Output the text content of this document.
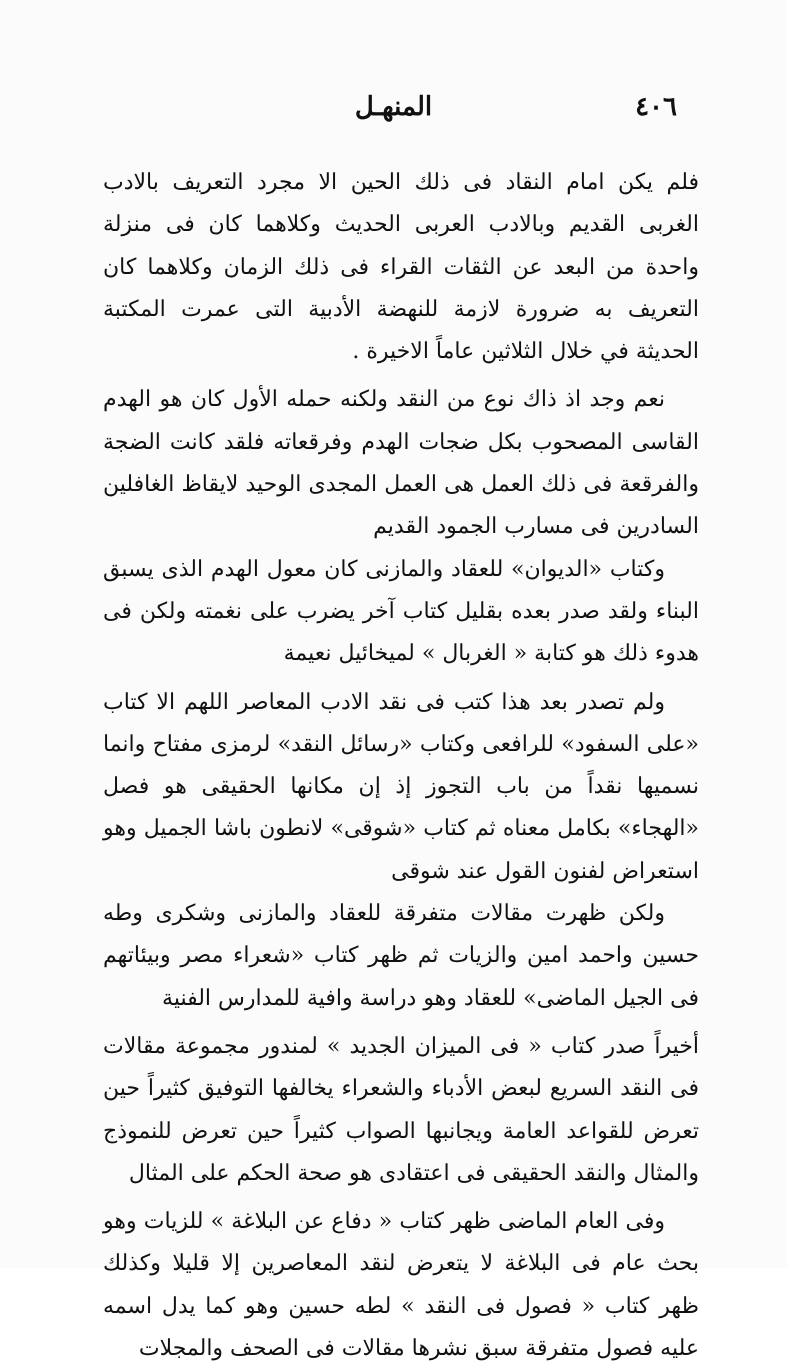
٤٠٦
المنهـل

فلم يكن امام النقاد فى ذلك الحين الا مجرد التعريف بالادب الغربى القديم وبالادب العربى الحديث وكلاهما كان فى منزلة واحدة من البعد عن الثقات القراء فى ذلك الزمان وكلاهما كان التعريف به ضرورة لازمة للنهضة الأدبية التى عمرت المكتبة الحديثة في خلال الثلاثين عاماً الاخيرة .

نعم وجد اذ ذاك نوع من النقد ولكنه حمله الأول كان هو الهدم القاسى المصحوب بكل ضجات الهدم وفرقعاته فلقد كانت الضجة والفرقعة فى ذلك العمل هى العمل المجدى الوحيد لايقاظ الغافلين السادرين فى مسارب الجمود القديم

وكتاب «الديوان» للعقاد والمازنى كان معول الهدم الذى يسبق البناء ولقد صدر بعده بقليل كتاب آخر يضرب على نغمته ولكن فى هدوء ذلك هو كتابة « الغربال » لميخائيل نعيمة

ولم تصدر بعد هذا كتب فى نقد الادب المعاصر اللهم الا كتاب «على السفود» للرافعى وكتاب «رسائل النقد» لرمزى مفتاح وانما نسميها نقداً من باب التجوز إذ إن مكانها الحقيقى هو فصل «الهجاء» بكامل معناه ثم كتاب «شوقى» لانطون باشا الجميل وهو استعراض لفنون القول عند شوقى

ولكن ظهرت مقالات متفرقة للعقاد والمازنى وشكرى وطه حسين واحمد امين والزيات ثم ظهر كتاب «شعراء مصر وبيئاتهم فى الجيل الماضى» للعقاد وهو دراسة وافية للمدارس الفنية

أخيراً صدر كتاب « فى الميزان الجديد » لمندور مجموعة مقالات فى النقد السريع لبعض الأدباء والشعراء يخالفها التوفيق كثيراً حين تعرض للقواعد العامة ويجانبها الصواب كثيراً حين تعرض للنموذج والمثال والنقد الحقيقى فى اعتقادى هو صحة الحكم على المثال

وفى العام الماضى ظهر كتاب « دفاع عن البلاغة » للزيات وهو بحث عام فى البلاغة لا يتعرض لنقد المعاصرين إلا قليلا وكذلك ظهر كتاب « فصول فى النقد » لطه حسين وهو كما يدل اسمه عليه فصول متفرقة سبق نشرها مقالات فى الصحف والمجلات
